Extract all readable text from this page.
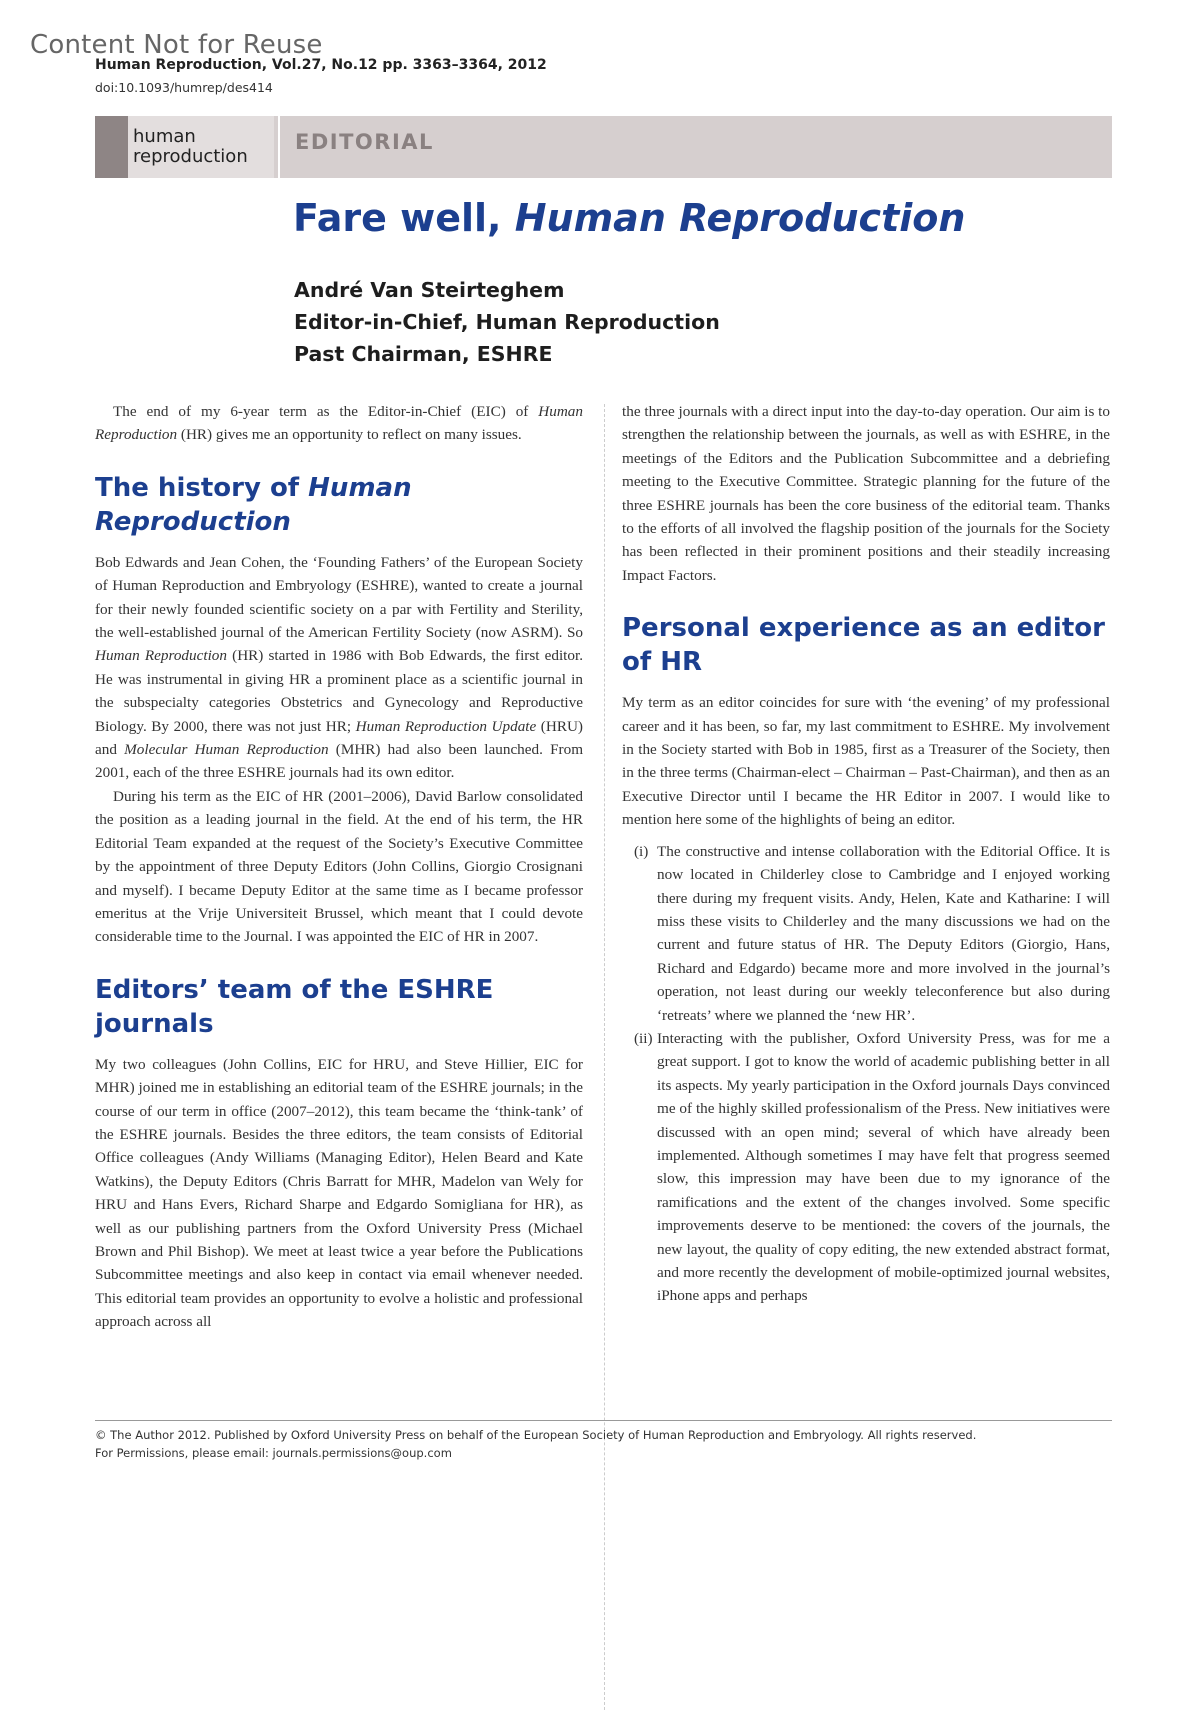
Content Not for Reuse
Human Reproduction, Vol.27, No.12 pp. 3363–3364, 2012
doi:10.1093/humrep/des414
human
reproduction
EDITORIAL
Fare well, Human Reproduction
André Van Steirteghem
Editor-in-Chief, Human Reproduction
Past Chairman, ESHRE

The end of my 6-year term as the Editor-in-Chief (EIC) of Human Reproduction (HR) gives me an opportunity to reflect on many issues.

The history of Human Reproduction

Bob Edwards and Jean Cohen, the ‘Founding Fathers’ of the European Society of Human Reproduction and Embryology (ESHRE), wanted to create a journal for their newly founded scientific society on a par with Fertility and Sterility, the well-established journal of the American Fertility Society (now ASRM). So Human Reproduction (HR) started in 1986 with Bob Edwards, the first editor. He was instrumental in giving HR a prominent place as a scientific journal in the subspecialty categories Obstetrics and Gynecology and Reproductive Biology. By 2000, there was not just HR; Human Reproduction Update (HRU) and Molecular Human Reproduction (MHR) had also been launched. From 2001, each of the three ESHRE journals had its own editor.

During his term as the EIC of HR (2001–2006), David Barlow consolidated the position as a leading journal in the field. At the end of his term, the HR Editorial Team expanded at the request of the Society’s Executive Committee by the appointment of three Deputy Editors (John Collins, Giorgio Crosignani and myself). I became Deputy Editor at the same time as I became professor emeritus at the Vrije Universiteit Brussel, which meant that I could devote considerable time to the Journal. I was appointed the EIC of HR in 2007.

Editors’ team of the ESHRE journals

My two colleagues (John Collins, EIC for HRU, and Steve Hillier, EIC for MHR) joined me in establishing an editorial team of the ESHRE journals; in the course of our term in office (2007–2012), this team became the ‘think-tank’ of the ESHRE journals. Besides the three editors, the team consists of Editorial Office colleagues (Andy Williams (Managing Editor), Helen Beard and Kate Watkins), the Deputy Editors (Chris Barratt for MHR, Madelon van Wely for HRU and Hans Evers, Richard Sharpe and Edgardo Somigliana for HR), as well as our publishing partners from the Oxford University Press (Michael Brown and Phil Bishop). We meet at least twice a year before the Publications Subcommittee meetings and also keep in contact via email whenever needed. This editorial team provides an opportunity to evolve a holistic and professional approach across all

the three journals with a direct input into the day-to-day operation. Our aim is to strengthen the relationship between the journals, as well as with ESHRE, in the meetings of the Editors and the Publication Subcommittee and a debriefing meeting to the Executive Committee. Strategic planning for the future of the three ESHRE journals has been the core business of the editorial team. Thanks to the efforts of all involved the flagship position of the journals for the Society has been reflected in their prominent positions and their steadily increasing Impact Factors.

Personal experience as an editor of HR

My term as an editor coincides for sure with ‘the evening’ of my professional career and it has been, so far, my last commitment to ESHRE. My involvement in the Society started with Bob in 1985, first as a Treasurer of the Society, then in the three terms (Chairman-elect – Chairman – Past-Chairman), and then as an Executive Director until I became the HR Editor in 2007. I would like to mention here some of the highlights of being an editor.

(i) The constructive and intense collaboration with the Editorial Office. It is now located in Childerley close to Cambridge and I enjoyed working there during my frequent visits. Andy, Helen, Kate and Katharine: I will miss these visits to Childerley and the many discussions we had on the current and future status of HR. The Deputy Editors (Giorgio, Hans, Richard and Edgardo) became more and more involved in the journal’s operation, not least during our weekly teleconference but also during ‘retreats’ where we planned the ‘new HR’.
(ii) Interacting with the publisher, Oxford University Press, was for me a great support. I got to know the world of academic publishing better in all its aspects. My yearly participation in the Oxford journals Days convinced me of the highly skilled professionalism of the Press. New initiatives were discussed with an open mind; several of which have already been implemented. Although sometimes I may have felt that progress seemed slow, this impression may have been due to my ignorance of the ramifications and the extent of the changes involved. Some specific improvements deserve to be mentioned: the covers of the journals, the new layout, the quality of copy editing, the new extended abstract format, and more recently the development of mobile-optimized journal websites, iPhone apps and perhaps
© The Author 2012. Published by Oxford University Press on behalf of the European Society of Human Reproduction and Embryology. All rights reserved.
For Permissions, please email: journals.permissions@oup.com
